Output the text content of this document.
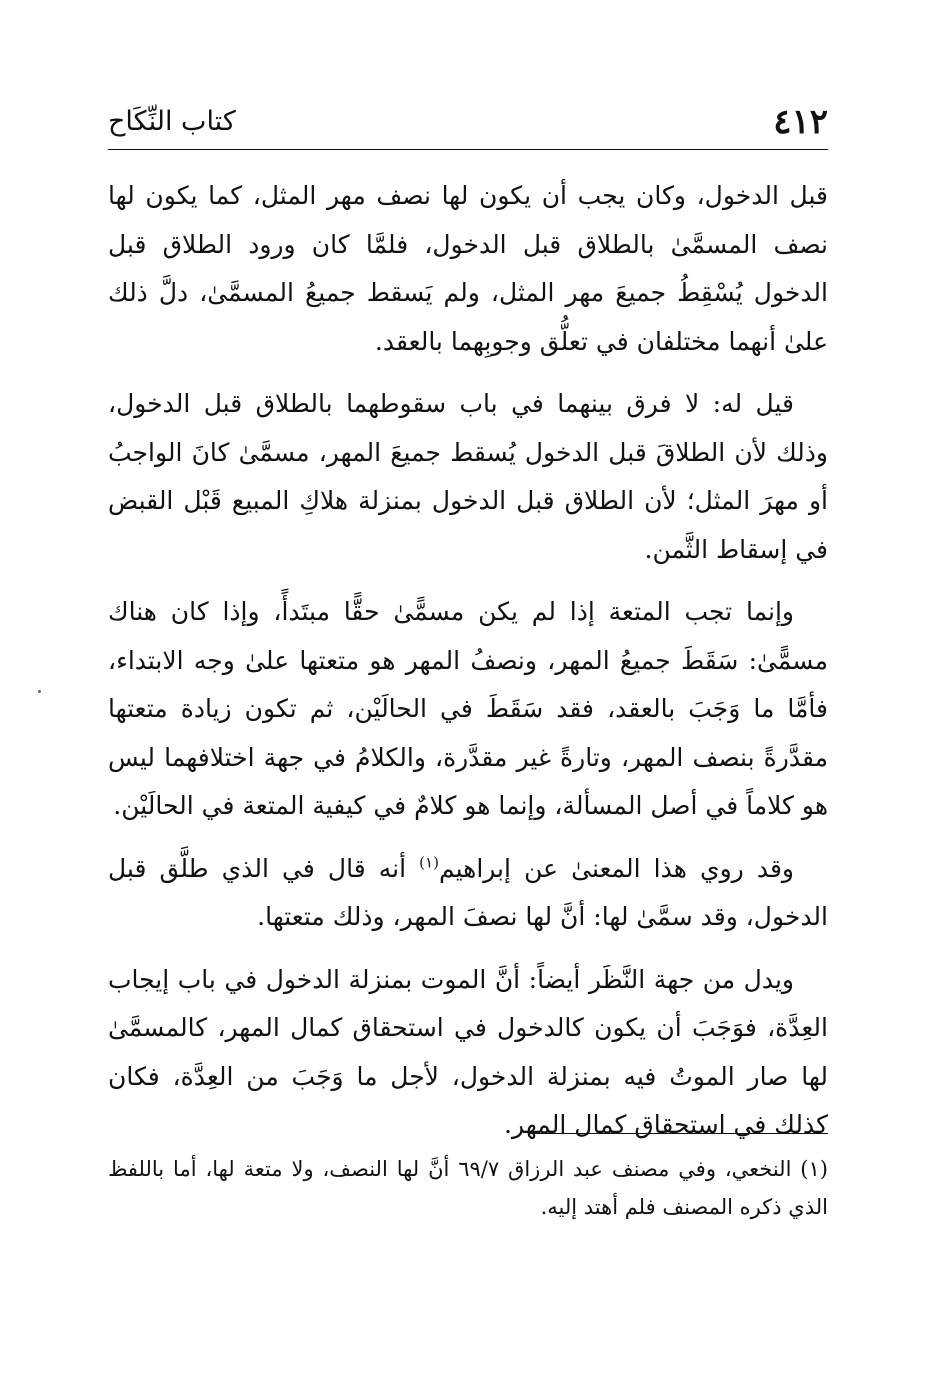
٤١٢
كتاب النِّكَاح

قبل الدخول، وكان يجب أن يكون لها نصف مهر المثل، كما يكون لها نصف المسمَّىٰ بالطلاق قبل الدخول، فلمَّا كان ورود الطلاق قبل الدخول يُسْقِطُ جميعَ مهر المثل، ولم يَسقط جميعُ المسمَّىٰ، دلَّ ذلك علىٰ أنهما مختلفان في تعلُّق وجوبِهما بالعقد.

قيل له: لا فرق بينهما في باب سقوطهما بالطلاق قبل الدخول، وذلك لأن الطلاقَ قبل الدخول يُسقط جميعَ المهر، مسمَّىٰ كانَ الواجبُ أو مهرَ المثل؛ لأن الطلاق قبل الدخول بمنزلة هلاكِ المبيع قَبْل القبض في إسقاط الثَّمن.

وإنما تجب المتعة إذا لم يكن مسمًّىٰ حقًّا مبتَدأً، وإذا كان هناك مسمًّىٰ: سَقَطَ جميعُ المهر، ونصفُ المهر هو متعتها علىٰ وجه الابتداء، فأمَّا ما وَجَبَ بالعقد، فقد سَقَطَ في الحالَيْن، ثم تكون زيادة متعتها مقدَّرةً بنصف المهر، وتارةً غير مقدَّرة، والكلامُ في جهة اختلافهما ليس هو كلاماً في أصل المسألة، وإنما هو كلامٌ في كيفية المتعة في الحالَيْن.

وقد روي هذا المعنىٰ عن إبراهيم$^{(١)}$ أنه قال في الذي طلَّق قبل الدخول، وقد سمَّىٰ لها: أنَّ لها نصفَ المهر، وذلك متعتها.

ويدل من جهة النَّظَر أيضاً: أنَّ الموت بمنزلة الدخول في باب إيجاب العِدَّة، فوَجَبَ أن يكون كالدخول في استحقاق كمال المهر، كالمسمَّىٰ لها صار الموتُ فيه بمنزلة الدخول، لأجل ما وَجَبَ من العِدَّة، فكان كذلك في استحقاق كمال المهر.

(١) النخعي، وفي مصنف عبد الرزاق ٦٩/٧ أنَّ لها النصف، ولا متعة لها، أما باللفظ الذي ذكره المصنف فلم أهتد إليه.
